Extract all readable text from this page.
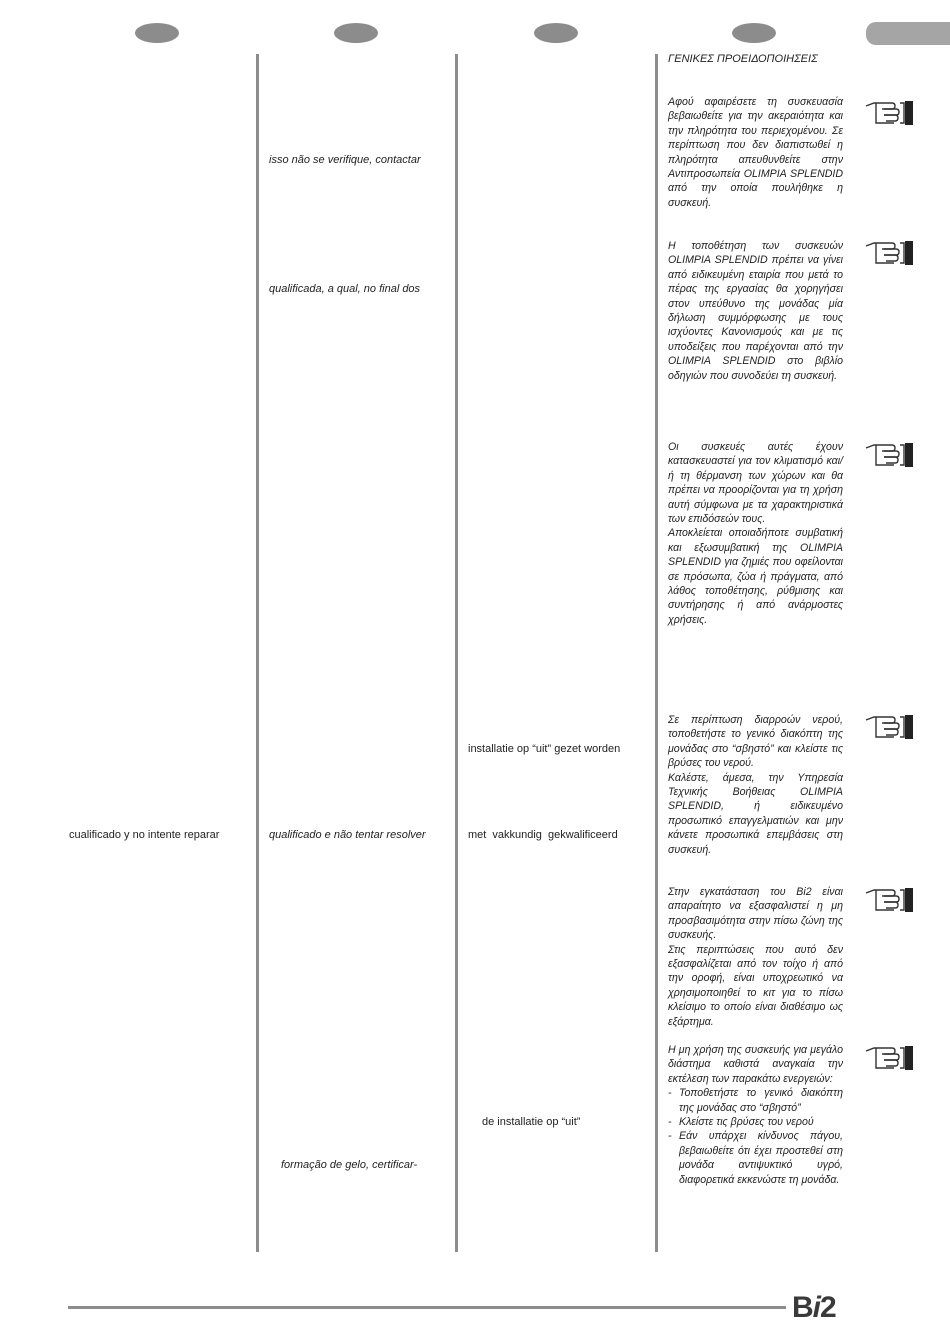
cualificado y no intente reparar
isso não se verifique, contactar
qualificada, a qual, no final dos
qualificado e não tentar resolver
formação de gelo, certificar-
installatie op “uit” gezet worden
met vakkundig gekwalificeerd
de installatie op “uit”

ΓΕΝΙΚΕΣ ΠΡΟΕΙΔΟΠΟΙΗΣΕΙΣ

Αφού αφαιρέσετε τη συσκευασία βεβαιωθείτε για την ακεραιότητα και την πληρότητα του περιεχομένου. Σε περίπτωση που δεν διαπιστωθεί η πληρότητα απευθυνθείτε στην Αντιπροσωπεία OLIMPIA SPLENDID από την οποία πουλήθηκε η συσκευή.

Η τοποθέτηση των συσκευών OLIMPIA SPLENDID πρέπει να γίνει από ειδικευμένη εταιρία που μετά το πέρας της εργασίας θα χορηγήσει στον υπεύθυνο της μονάδας μία δήλωση συμμόρφωσης με τους ισχύοντες Κανονισμούς και με τις υποδείξεις που παρέχονται από την OLIMPIA SPLENDID στο βιβλίο οδηγιών που συνοδεύει τη συσκευή.

Οι συσκευές αυτές έχουν κατασκευαστεί για τον κλιματισμό και/ή τη θέρμανση των χώρων και θα πρέπει να προορίζονται για τη χρήση αυτή σύμφωνα με τα χαρακτηριστικά των επιδόσεών τους.

Αποκλείεται οποιαδήποτε συμβατική και εξωσυμβατική της OLIMPIA SPLENDID για ζημιές που οφείλονται σε πρόσωπα, ζώα ή πράγματα, από λάθος τοποθέτησης, ρύθμισης και συντήρησης ή από ανάρμοστες χρήσεις.

Σε περίπτωση διαρροών νερού, τοποθετήστε το γενικό διακόπτη της μονάδας στο “σβηστό” και κλείστε τις βρύσες του νερού.

Καλέστε, άμεσα, την Υπηρεσία Τεχνικής Βοήθειας OLIMPIA SPLENDID, ή ειδικευμένο προσωπικό επαγγελματιών και μην κάνετε προσωπικά επεμβάσεις στη συσκευή.

Στην εγκατάσταση του Bi2 είναι απαραίτητο να εξασφαλιστεί η μη προσβασιμότητα στην πίσω ζώνη της συσκευής.

Στις περιπτώσεις που αυτό δεν εξασφαλίζεται από τον τοίχο ή από την οροφή, είναι υποχρεωτικό να χρησιμοποιηθεί το κιτ για το πίσω κλείσιμο το οποίο είναι διαθέσιμο ως εξάρτημα.

Η μη χρήση της συσκευής για μεγάλο διάστημα καθιστά αναγκαία την εκτέλεση των παρακάτω ενεργειών:

- Τοποθετήστε το γενικό διακόπτη της μονάδας στο “σβηστό”
- Κλείστε τις βρύσες του νερού
- Εάν υπάρχει κίνδυνος πάγου, βεβαιωθείτε ότι έχει προστεθεί στη μονάδα αντιψυκτικό υγρό, διαφορετικά εκκενώστε τη μονάδα.
Bi2
